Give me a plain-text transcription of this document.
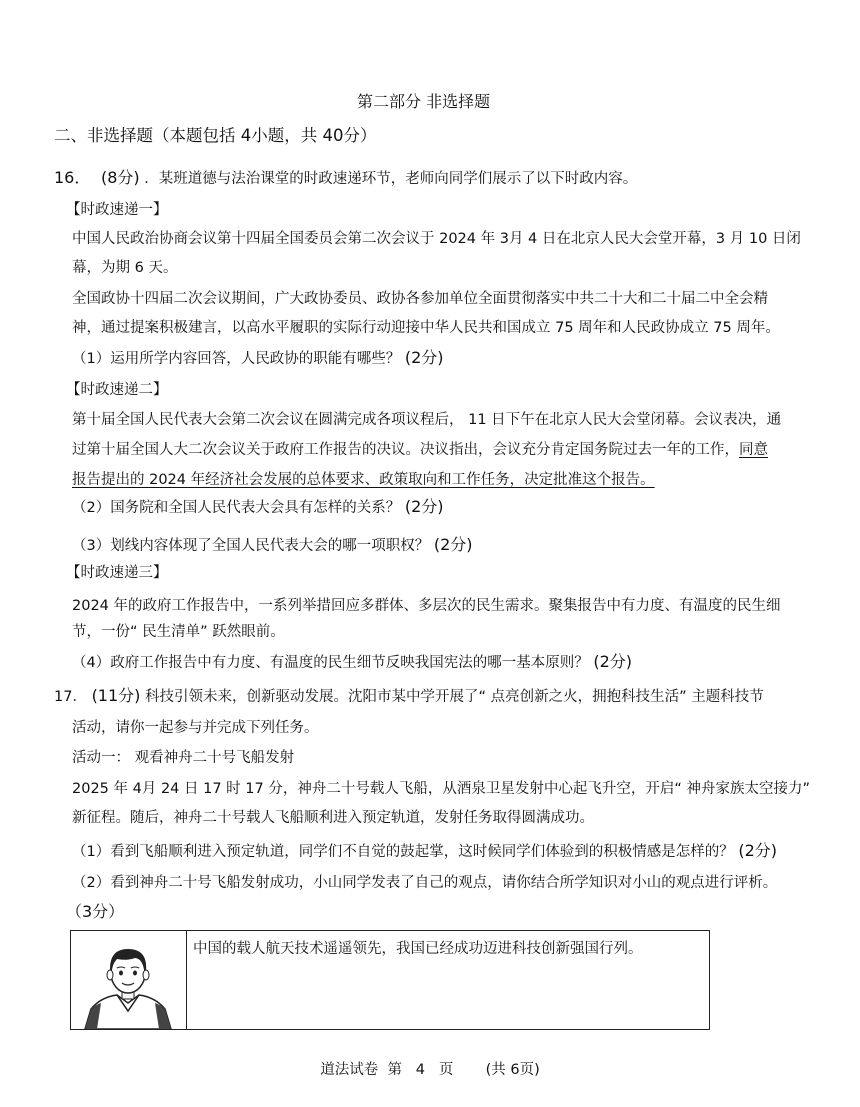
第二部分 非选择题
二、非选择题（本题包括 4小题，共 40分）
16． (8分) ．某班道德与法治课堂的时政速递环节，老师向同学们展示了以下时政内容。
【时政速递一】
中国人民政治协商会议第十四届全国委员会第二次会议于 2024 年 3月 4 日在北京人民大会堂开幕，3 月 10 日闭
幕，为期 6 天。
全国政协十四届二次会议期间，广大政协委员、政协各参加单位全面贯彻落实中共二十大和二十届二中全会精
神，通过提案积极建言，以高水平履职的实际行动迎接中华人民共和国成立 75 周年和人民政协成立 75 周年。
（1）运用所学内容回答，人民政协的职能有哪些？ (2分)
【时政速递二】
第十届全国人民代表大会第二次会议在圆满完成各项议程后， 11 日下午在北京人民大会堂闭幕。会议表决，通
过第十届全国人大二次会议关于政府工作报告的决议。决议指出，会议充分肯定国务院过去一年的工作，同意
报告提出的 2024 年经济社会发展的总体要求、政策取向和工作任务，决定批准这个报告。
（2）国务院和全国人民代表大会具有怎样的关系？ (2分)
（3）划线内容体现了全国人民代表大会的哪一项职权？ (2分)
【时政速递三】
2024 年的政府工作报告中，一系列举措回应多群体、多层次的民生需求。聚集报告中有力度、有温度的民生细
节，一份“ 民生清单” 跃然眼前。
（4）政府工作报告中有力度、有温度的民生细节反映我国宪法的哪一基本原则？ (2分)
17． (11分) 科技引领未来，创新驱动发展。沈阳市某中学开展了“ 点亮创新之火，拥抱科技生活” 主题科技节
活动，请你一起参与并完成下列任务。
活动一： 观看神舟二十号飞船发射
2025 年 4月 24 日 17 时 17 分，神舟二十号载人飞船，从酒泉卫星发射中心起飞升空，开启“ 神舟家族太空接力”
新征程。随后，神舟二十号载人飞船顺利进入预定轨道，发射任务取得圆满成功。
（1）看到飞船顺利进入预定轨道，同学们不自觉的鼓起掌，这时候同学们体验到的积极情感是怎样的？ (2分)
（2）看到神舟二十号飞船发射成功，小山同学发表了自己的观点，请你结合所学知识对小山的观点进行评析。
（3分）
中国的载人航天技术遥遥领先，我国已经成功迈进科技创新强国行列。
道法试卷  第   4   页       (共 6页)
